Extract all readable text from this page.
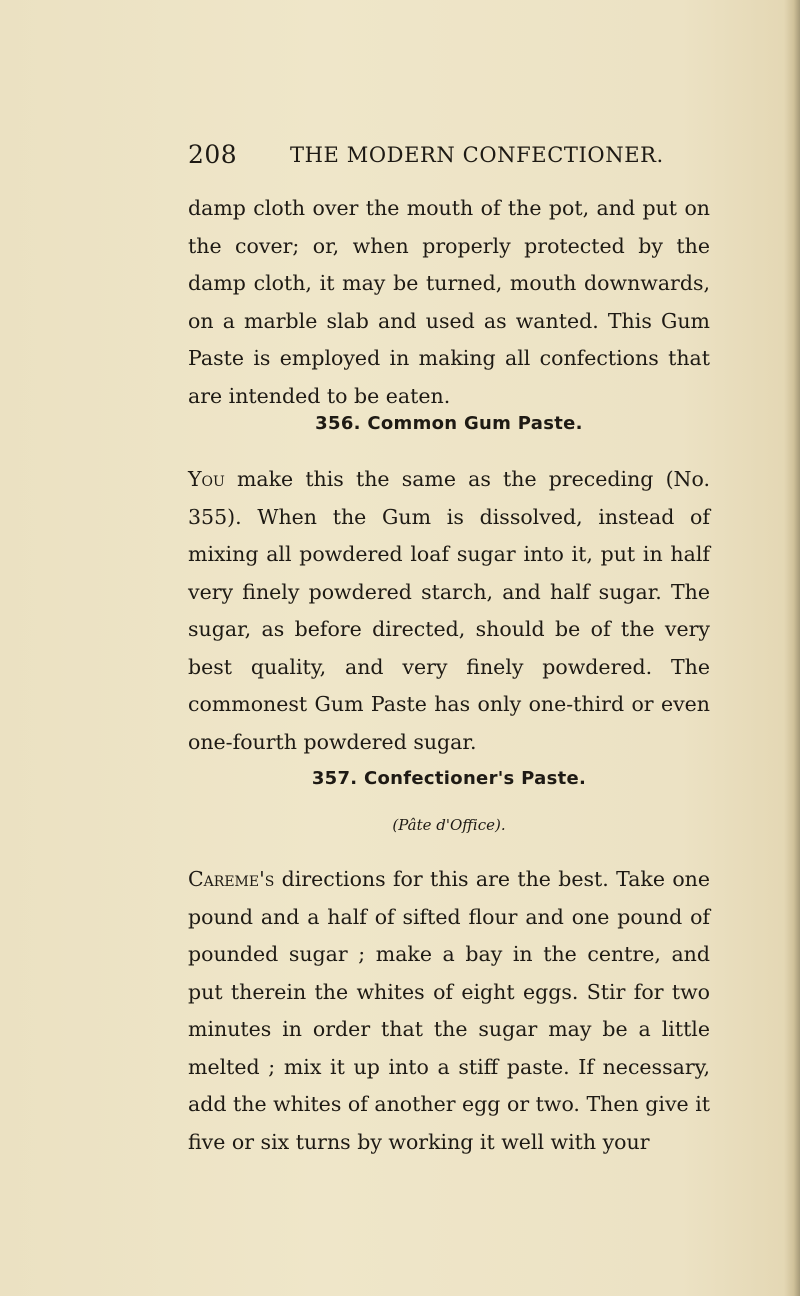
208	THE MODERN CONFECTIONER.

damp cloth over the mouth of the pot, and put on the cover; or, when properly protected by the damp cloth, it may be turned, mouth downwards, on a marble slab and used as wanted. This Gum Paste is employed in making all confections that are intended to be eaten.

356. Common Gum Paste.

You make this the same as the preceding (No. 355). When the Gum is dissolved, instead of mixing all powdered loaf sugar into it, put in half very finely powdered starch, and half sugar. The sugar, as before directed, should be of the very best quality, and very finely powdered. The commonest Gum Paste has only one-third or even one-fourth powdered sugar.

357. Confectioner's Paste.
(Pâte d'Office).

Careme's directions for this are the best. Take one pound and a half of sifted flour and one pound of pounded sugar ; make a bay in the centre, and put therein the whites of eight eggs. Stir for two minutes in order that the sugar may be a little melted ; mix it up into a stiff paste. If necessary, add the whites of another egg or two. Then give it five or six turns by working it well with your
